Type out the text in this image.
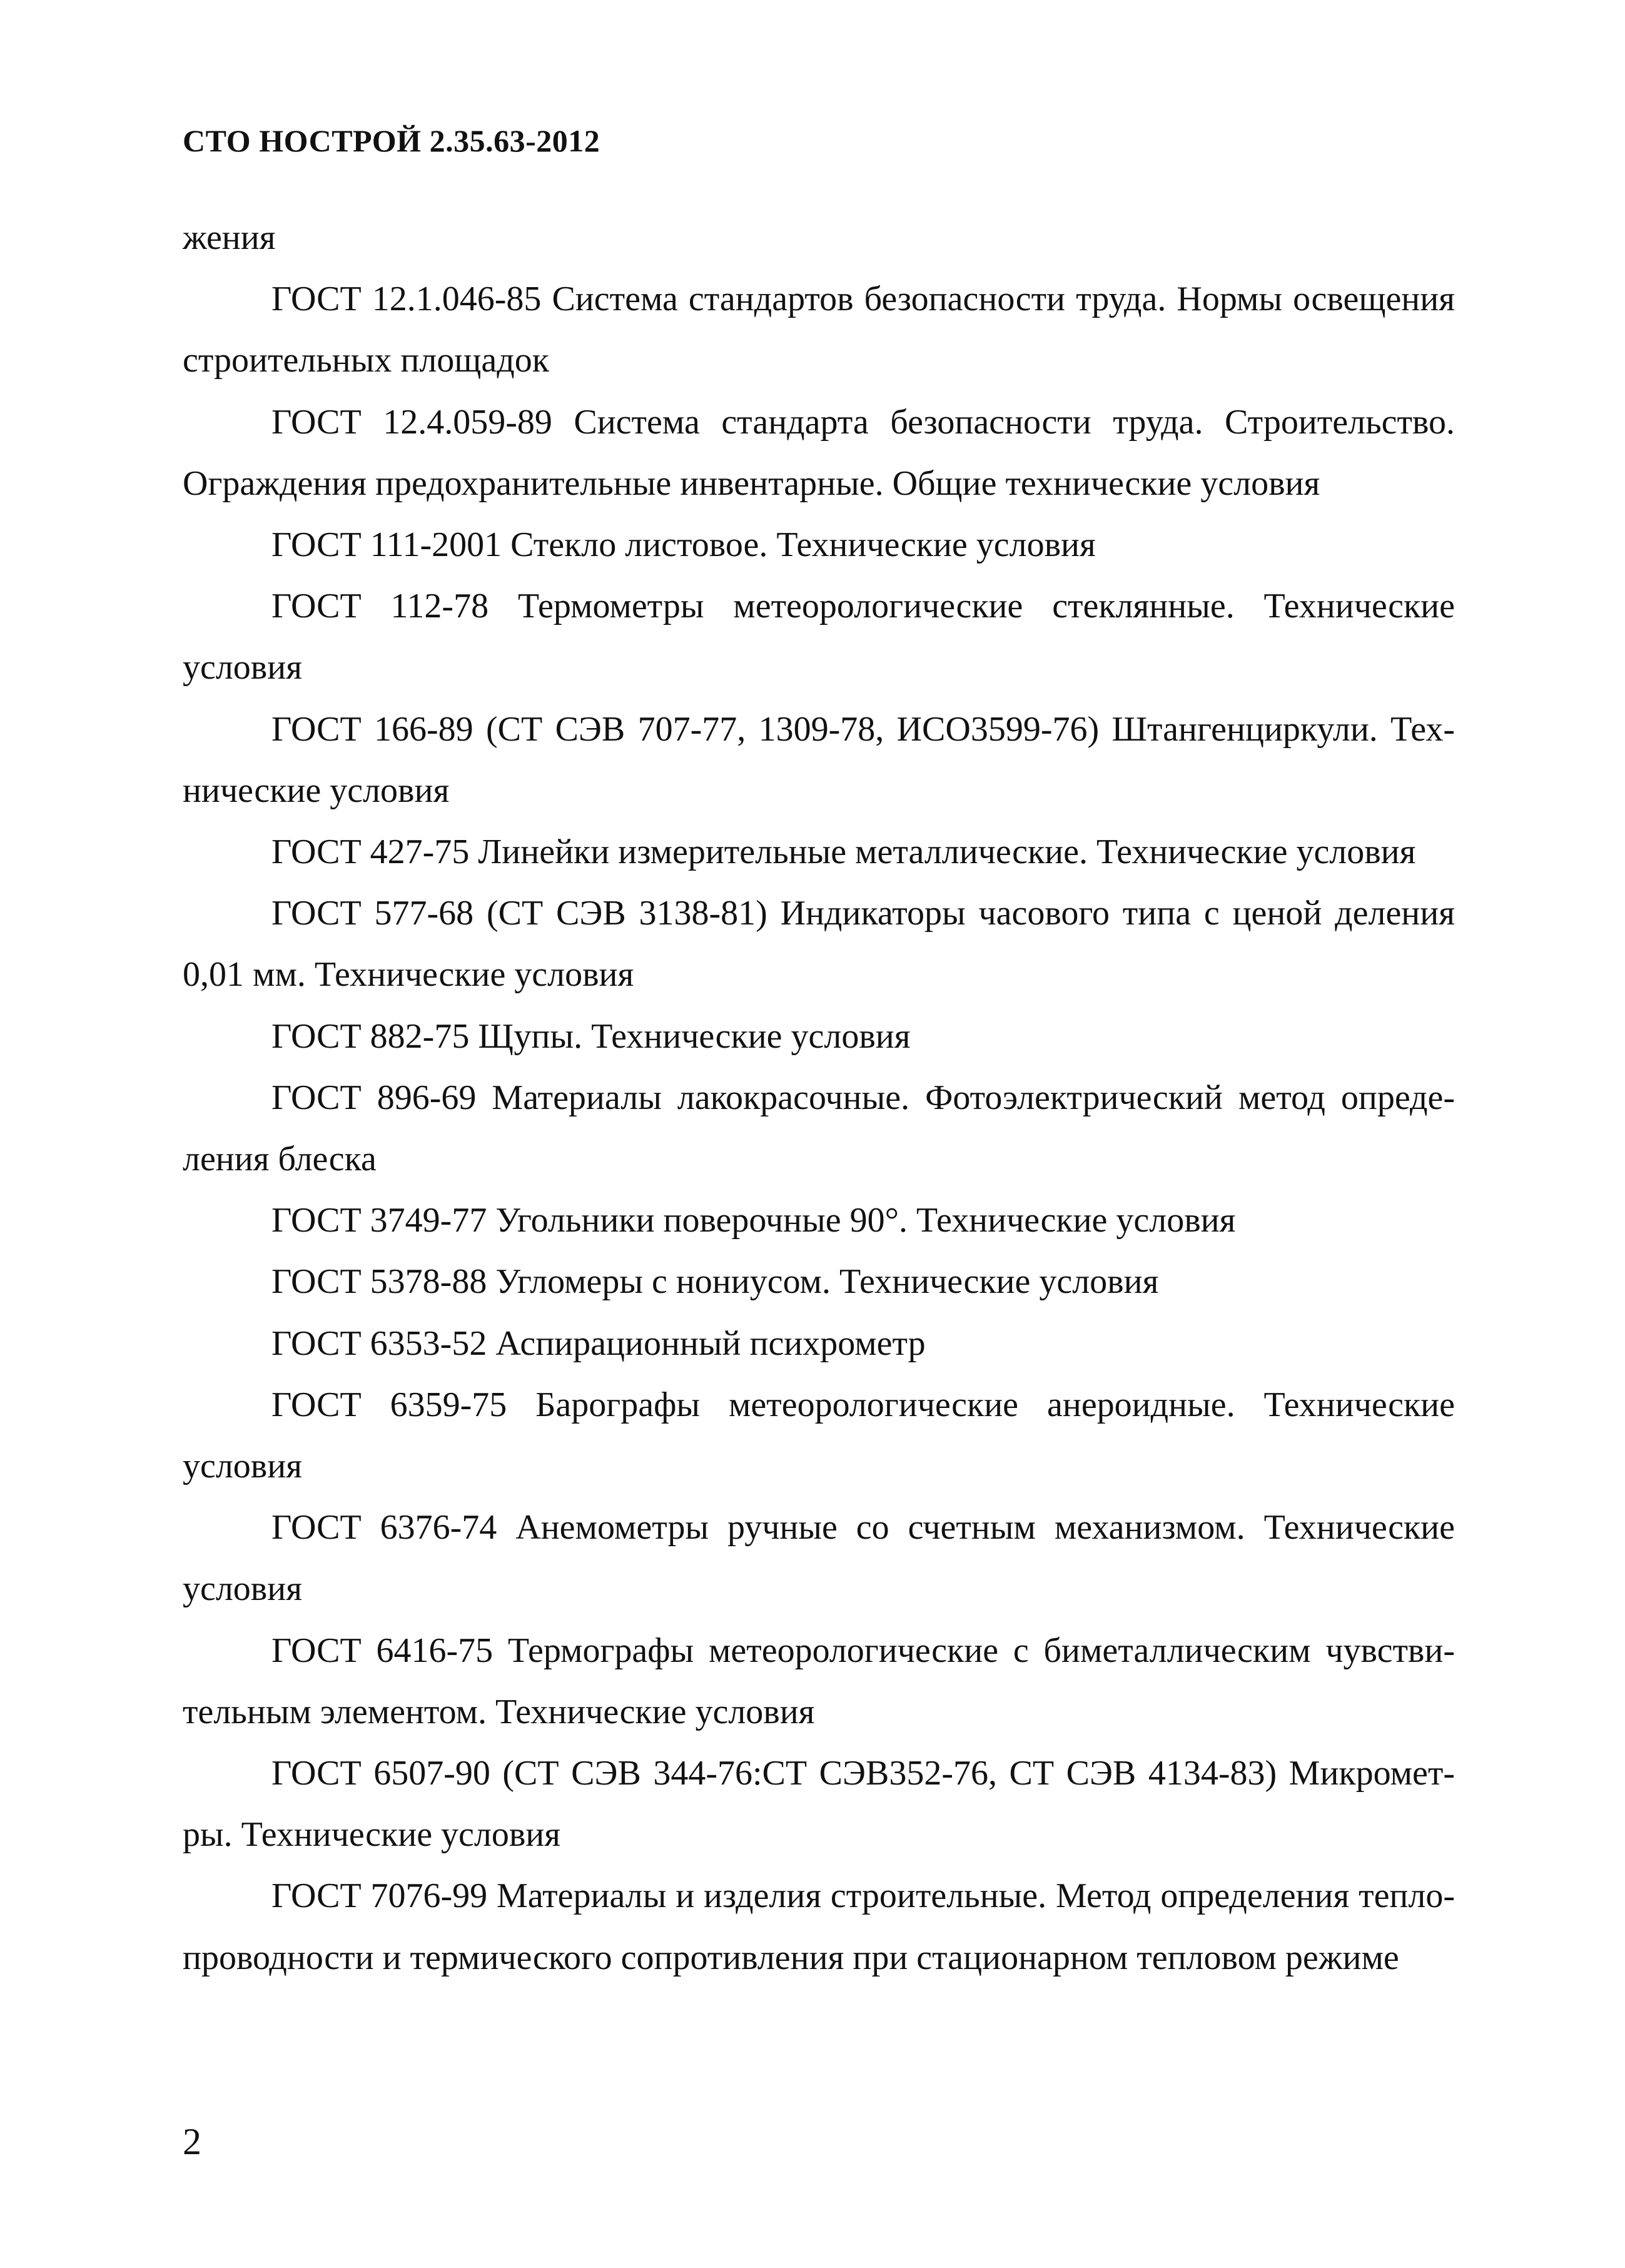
СТО НОСТРОЙ 2.35.63-2012

жения

ГОСТ 12.1.046-85 Система стандартов безопасности труда. Нормы освещения строительных площадок

ГОСТ 12.4.059-89 Система стандарта безопасности труда. Строительство. Ограждения предохранительные инвентарные. Общие технические условия

ГОСТ 111-2001 Стекло листовое. Технические условия

ГОСТ 112-78 Термометры метеорологические стеклянные. Технические условия

ГОСТ 166-89 (СТ СЭВ 707-77, 1309-78, ИСО3599-76) Штангенциркули. Технические условия

ГОСТ 427-75 Линейки измерительные металлические. Технические условия

ГОСТ 577-68 (СТ СЭВ 3138-81) Индикаторы часового типа с ценой деления 0,01 мм. Технические условия

ГОСТ 882-75 Щупы. Технические условия

ГОСТ 896-69 Материалы лакокрасочные. Фотоэлектрический метод определения блеска

ГОСТ 3749-77 Угольники поверочные 90°. Технические условия

ГОСТ 5378-88 Угломеры с нониусом. Технические условия

ГОСТ 6353-52 Аспирационный психрометр

ГОСТ 6359-75 Барографы метеорологические анероидные. Технические условия

ГОСТ 6376-74 Анемометры ручные со счетным механизмом. Технические условия

ГОСТ 6416-75 Термографы метеорологические с биметаллическим чувствительным элементом. Технические условия

ГОСТ 6507-90 (СТ СЭВ 344-76:СТ СЭВ352-76, СТ СЭВ 4134-83) Микрометры. Технические условия

ГОСТ 7076-99 Материалы и изделия строительные. Метод определения теплопроводности и термического сопротивления при стационарном тепловом режиме

2
